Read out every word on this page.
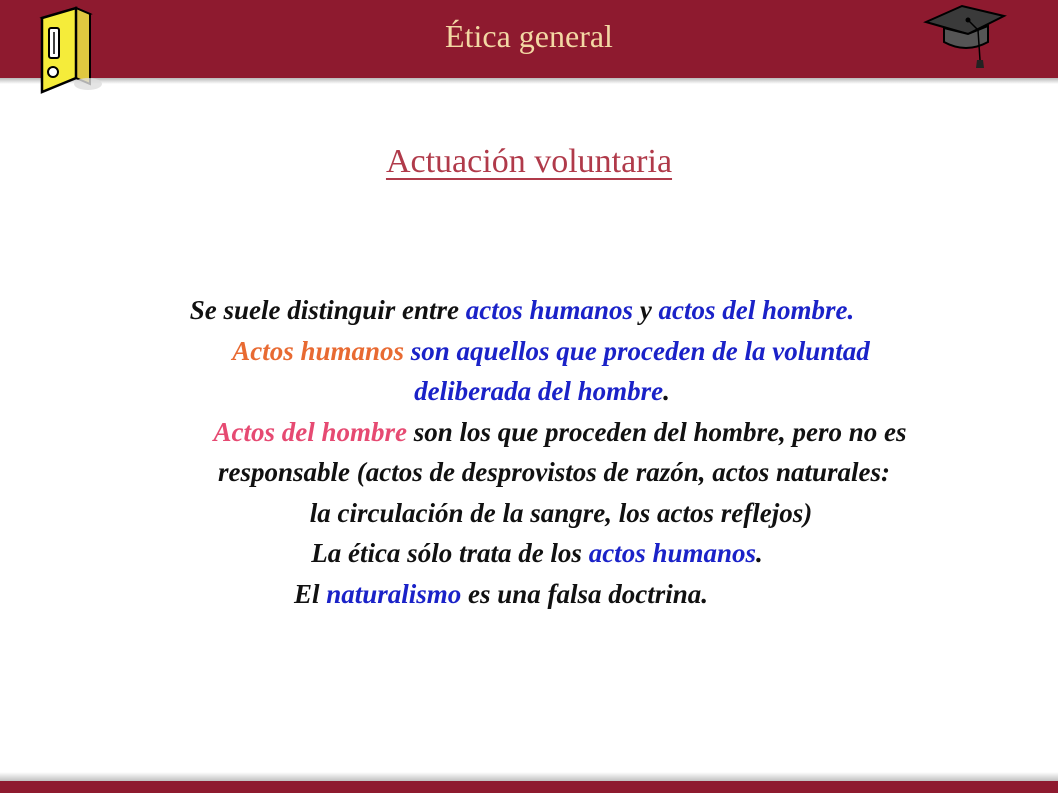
Ética general
Actuación voluntaria
Se suele distinguir entre actos humanos y actos del hombre.
Actos humanos son aquellos que proceden de la voluntad
deliberada del hombre.
Actos del hombre son los que proceden del hombre, pero no es
responsable (actos de desprovistos de razón, actos naturales:
la circulación de la sangre, los actos reflejos)
La ética sólo trata de los actos humanos.
El naturalismo es una falsa doctrina.
